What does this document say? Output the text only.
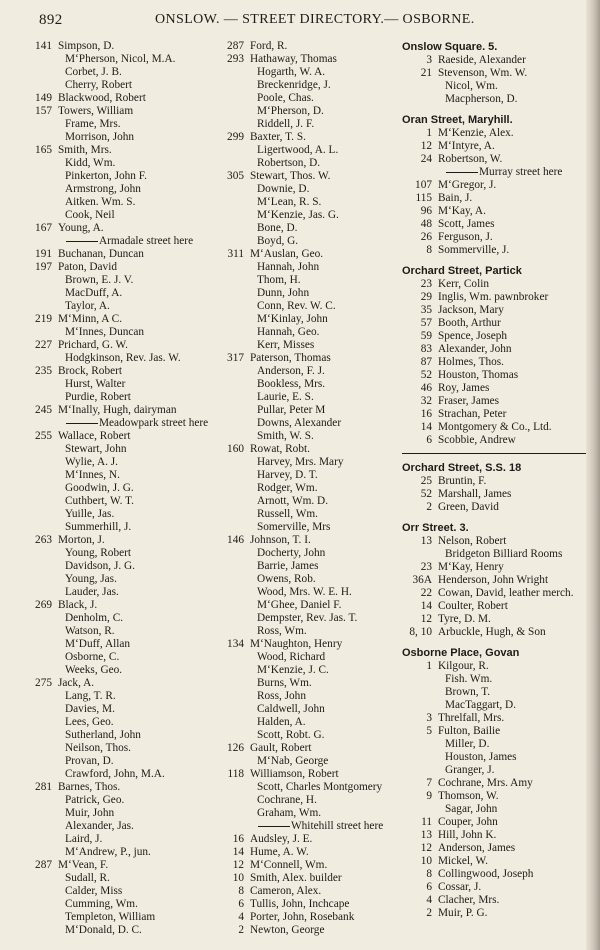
892	ONSLOW. — STREET DIRECTORY.— OSBORNE.
141 Simpson, D.
M‘Pherson, Nicol, M.A.
Corbet, J. B.
Cherry, Robert
149 Blackwood, Robert
157 Towers, William
Frame, Mrs.
Morrison, John
165 Smith, Mrs.
Kidd, Wm.
Pinkerton, John F.
Armstrong, John
Aitken. Wm. S.
Cook, Neil
167 Young, A.
Armadale street here
191 Buchanan, Duncan
197 Paton, David
Brown, E. J. V.
MacDuff, A.
Taylor, A.
219 M‘Minn, A C.
M‘Innes, Duncan
227 Prichard, G. W.
Hodgkinson, Rev. Jas. W.
235 Brock, Robert
Hurst, Walter
Purdie, Robert
245 M‘Inally, Hugh, dairyman
Meadowpark street here
255 Wallace, Robert
Stewart, John
Wylie, A. J.
M‘Innes, N.
Goodwin, J. G.
Cuthbert, W. T.
Yuille, Jas.
Summerhill, J.
263 Morton, J.
Young, Robert
Davidson, J. G.
Young, Jas.
Lauder, Jas.
269 Black, J.
Denholm, C.
Watson, R.
M‘Duff, Allan
Osborne, C.
Weeks, Geo.
275 Jack, A.
Lang, T. R.
Davies, M.
Lees, Geo.
Sutherland, John
Neilson, Thos.
Provan, D.
Crawford, John, M.A.
281 Barnes, Thos.
Patrick, Geo.
Muir, John
Alexander, Jas.
Laird, J.
M‘Andrew, P., jun.
287 M‘Vean, F.
Sudall, R.
Calder, Miss
Cumming, Wm.
Templeton, William
M‘Donald, D. C.
287 Ford, R.
293 Hathaway, Thomas
Hogarth, W. A.
Breckenridge, J.
Poole, Chas.
M‘Pherson, D.
Riddell, J. F.
299 Baxter, T. S.
Ligertwood, A. L.
Robertson, D.
305 Stewart, Thos. W.
Downie, D.
M‘Lean, R. S.
M‘Kenzie, Jas. G.
Bone, D.
Boyd, G.
311 M‘Auslan, Geo.
Hannah, John
Thom, H.
Dunn, John
Conn, Rev. W. C.
M‘Kinlay, John
Hannah, Geo.
Kerr, Misses
317 Paterson, Thomas
Anderson, F. J.
Bookless, Mrs.
Laurie, E. S.
Pullar, Peter M
Downs, Alexander
Smith, W. S.
160 Rowat, Robt.
Harvey, Mrs. Mary
Harvey, D. T.
Rodger, Wm.
Arnott, Wm. D.
Russell, Wm.
Somerville, Mrs
146 Johnson, T. I.
Docherty, John
Barrie, James
Owens, Rob.
Wood, Mrs. W. E. H.
M‘Ghee, Daniel F.
Dempster, Rev. Jas. T.
Ross, Wm.
134 M‘Naughton, Henry
Wood, Richard
M‘Kenzie, J. C.
Burns, Wm.
Ross, John
Caldwell, John
Halden, A.
Scott, Robt. G.
126 Gault, Robert
M‘Nab, George
118 Williamson, Robert
Scott, Charles Montgomery
Cochrane, H.
Graham, Wm.
Whitehill street here
16 Audsley, J. E.
14 Hume, A. W.
12 M‘Connell, Wm.
10 Smith, Alex. builder
8 Cameron, Alex.
6 Tullis, John, Inchcape
4 Porter, John, Rosebank
2 Newton, George
Onslow Square. 5.
3 Raeside, Alexander
21 Stevenson, Wm. W.
Nicol, Wm.
Macpherson, D.
Oran Street, Maryhill.
1 M‘Kenzie, Alex.
12 M‘Intyre, A.
24 Robertson, W.
Murray street here
107 M‘Gregor, J.
115 Bain, J.
96 M‘Kay, A.
48 Scott, James
26 Ferguson, J.
8 Sommerville, J.
Orchard Street, Partick
23 Kerr, Colin
29 Inglis, Wm. pawnbroker
35 Jackson, Mary
57 Booth, Arthur
59 Spence, Joseph
83 Alexander, John
87 Holmes, Thos.
52 Houston, Thomas
46 Roy, James
32 Fraser, James
16 Strachan, Peter
14 Montgomery & Co., Ltd.
6 Scobbie, Andrew
Orchard Street, S.S. 18
25 Bruntin, F.
52 Marshall, James
2 Green, David
Orr Street. 3.
13 Nelson, Robert
Bridgeton Billiard Rooms
23 M‘Kay, Henry
36A Henderson, John Wright
22 Cowan, David, leather merch.
14 Coulter, Robert
12 Tyre, D. M.
8, 10 Arbuckle, Hugh, & Son
Osborne Place, Govan
1 Kilgour, R.
Fish. Wm.
Brown, T.
MacTaggart, D.
3 Threlfall, Mrs.
5 Fulton, Bailie
Miller, D.
Houston, James
Granger, J.
7 Cochrane, Mrs. Amy
9 Thomson, W.
Sagar, John
11 Couper, John
13 Hill, John K.
12 Anderson, James
10 Mickel, W.
8 Collingwood, Joseph
6 Cossar, J.
4 Clacher, Mrs.
2 Muir, P. G.
